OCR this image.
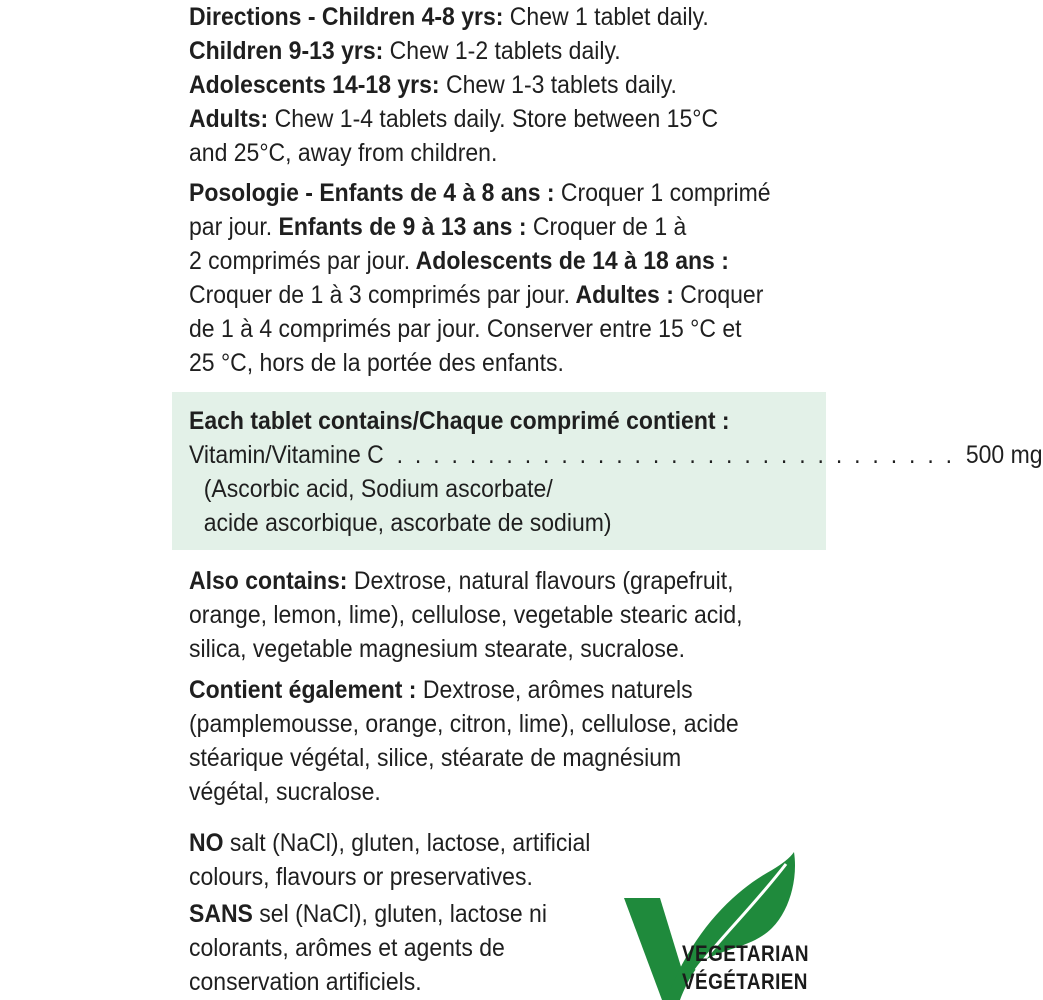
Directions - Children 4-8 yrs: Chew 1 tablet daily.

Children 9-13 yrs: Chew 1-2 tablets daily.

Adolescents 14-18 yrs: Chew 1-3 tablets daily.

Adults: Chew 1-4 tablets daily. Store between 15°C

and 25°C, away from children.

Posologie - Enfants de 4 à 8 ans : Croquer 1 comprimé

par jour. Enfants de 9 à 13 ans : Croquer de 1 à

2 comprimés par jour. Adolescents de 14 à 18 ans :

Croquer de 1 à 3 comprimés par jour. Adultes : Croquer

de 1 à 4 comprimés par jour. Conserver entre 15 °C et

25 °C, hors de la portée des enfants.

Each tablet contains/Chaque comprimé contient :

Vitamin/Vitamine C . . . . . . . . . . . . . . . . . . . . . . . . . . . . . . . 500 mg

(Ascorbic acid, Sodium ascorbate/

acide ascorbique, ascorbate de sodium)

Also contains: Dextrose, natural flavours (grapefruit,

orange, lemon, lime), cellulose, vegetable stearic acid,

silica, vegetable magnesium stearate, sucralose.

Contient également : Dextrose, arômes naturels

(pamplemousse, orange, citron, lime), cellulose, acide

stéarique végétal, silice, stéarate de magnésium

végétal, sucralose.

NO salt (NaCl), gluten, lactose, artificial

colours, flavours or preservatives.

SANS sel (NaCl), gluten, lactose ni

colorants, arômes et agents de

conservation artificiels.

VEGETARIAN
VÉGÉTARIEN
